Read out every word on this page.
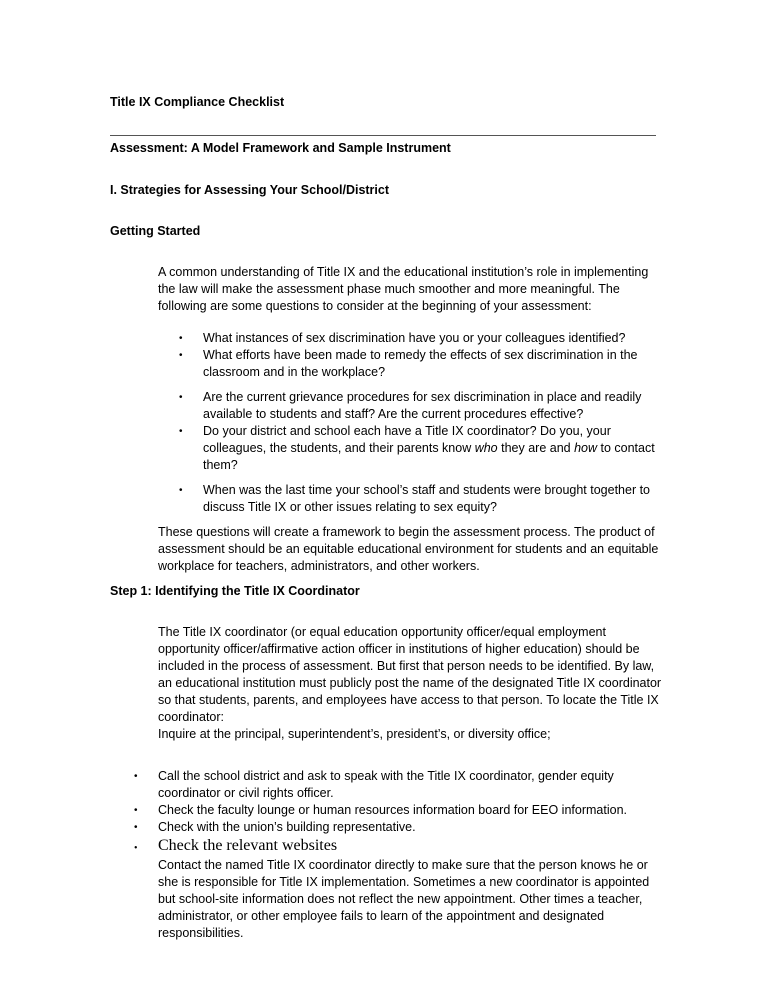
Title IX Compliance Checklist

Assessment: A Model Framework and Sample Instrument

I. Strategies for Assessing Your School/District

Getting Started

A common understanding of Title IX and the educational institution’s role in implementing the law will make the assessment phase much smoother and more meaningful. The following are some questions to consider at the beginning of your assessment:

• What instances of sex discrimination have you or your colleagues identified?
• What efforts have been made to remedy the effects of sex discrimination in the classroom and in the workplace?
• Are the current grievance procedures for sex discrimination in place and readily available to students and staff? Are the current procedures effective?
• Do your district and school each have a Title IX coordinator? Do you, your colleagues, the students, and their parents know who they are and how to contact them?
• When was the last time your school’s staff and students were brought together to discuss Title IX or other issues relating to sex equity?

These questions will create a framework to begin the assessment process. The product of assessment should be an equitable educational environment for students and an equitable workplace for teachers, administrators, and other workers.

Step 1: Identifying the Title IX Coordinator

The Title IX coordinator (or equal education opportunity officer/equal employment opportunity officer/affirmative action officer in institutions of higher education) should be included in the process of assessment. But first that person needs to be identified. By law, an educational institution must publicly post the name of the designated Title IX coordinator so that students, parents, and employees have access to that person. To locate the Title IX coordinator:

Inquire at the principal, superintendent’s, president’s, or diversity office;

• Call the school district and ask to speak with the Title IX coordinator, gender equity coordinator or civil rights officer.
• Check the faculty lounge or human resources information board for EEO information.
• Check with the union’s building representative.
• Check the relevant websites

Contact the named Title IX coordinator directly to make sure that the person knows he or she is responsible for Title IX implementation. Sometimes a new coordinator is appointed but school-site information does not reflect the new appointment. Other times a teacher, administrator, or other employee fails to learn of the appointment and designated responsibilities.
